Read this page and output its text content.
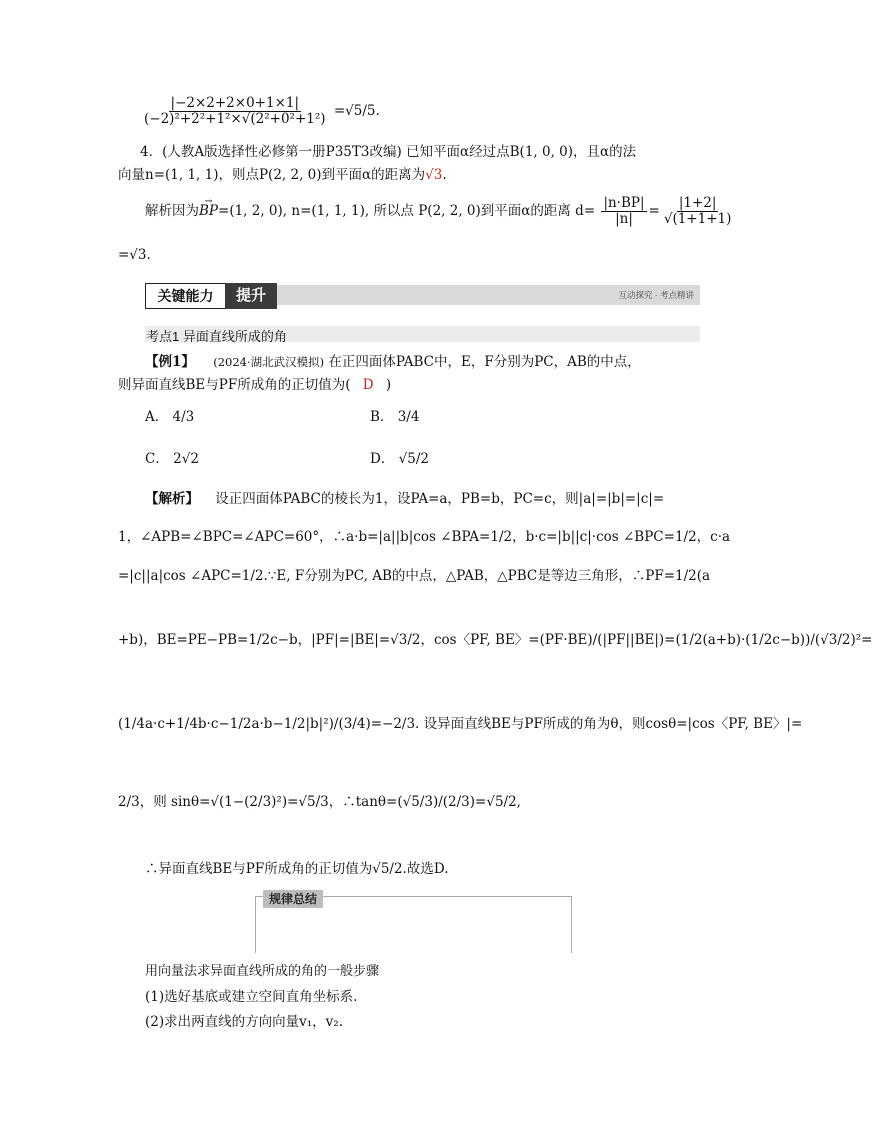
$\frac{|-2\times 2+2\times 0+1\times 1|}{\text{(−2)²+2²+1²×√(2²+0²+1²)}} =√5/5$.
4．(人教A版选择性必修第一册P35T3改编) 已知平面α经过点B(1, 0, 0)，且α的法
向量n=(1, 1, 1)，则点P(2, 2, 0)到平面α的距离为√3.
解析因为→ BP=(1, 2, 0), n=(1, 1, 1), 所以点 P(2, 2, 0)到平面α的距离 $d= \frac{|n\cdot BP|}{|n|} = \frac{|1+2|}{√(1+1+1)}$
=√3.
关键能力	提升	互动探究 · 考点精讲
考点1 异面直线所成的角
【例1】 (2024·湖北武汉模拟) 在正四面体PABC中，E，F分别为PC，AB的中点，
则异面直线BE与PF所成角的正切值为( D )
A． 4/3	B． 3/4
C． 2√2	D． √5/2
【解析】 设正四面体PABC的棱长为1，设PA=a，PB=b，PC=c，则|a|=|b|=|c|=
1，∠APB=∠BPC=∠APC=60°，∴a·b=|a||b|cos ∠BPA=1/2，b·c=|b||c|·cos ∠BPC=1/2，c·a
=|c||a|cos ∠APC=1/2.∵E, F分别为PC, AB的中点，△PAB，△PBC是等边三角形，∴PF=1/2(a
+b)，BE=PE−PB=1/2c−b，|PF|=|BE|=√3/2，cos〈PF, BE〉=(PF·BE)/(|PF||BE|)=(1/2(a+b)·(1/2c−b))/(√3/2)²=
(1/4a·c+1/4b·c−1/2a·b−1/2|b|²)/(3/4)=−2/3. 设异面直线BE与PF所成的角为θ，则cosθ=|cos〈PF, BE〉|=
2/3，则 sinθ=√(1−(2/3)²)=√5/3，∴tanθ=(√5/3)/(2/3)=√5/2,
∴异面直线BE与PF所成角的正切值为√5/2.故选D.
规律总结
用向量法求异面直线所成的角的一般步骤
(1)选好基底或建立空间直角坐标系.
(2)求出两直线的方向向量v₁，v₂.
